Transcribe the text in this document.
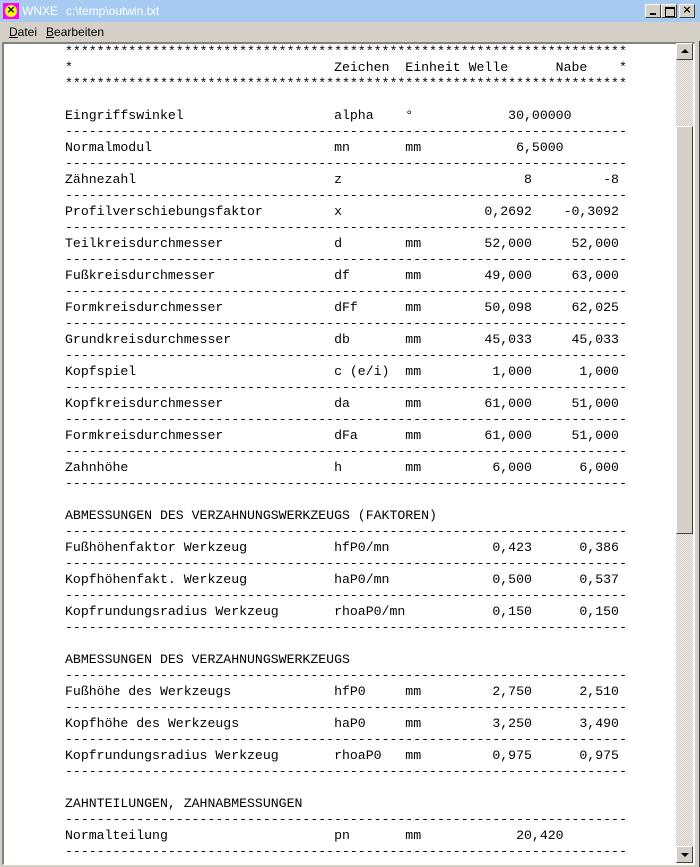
× WNXE c:\temp\outwin.txt	×
Datei Bearbeiten
***********************************************************************
*                                 Zeichen  Einheit Welle      Nabe    *
***********************************************************************

Eingriffswinkel                   alpha    °            30,00000
-----------------------------------------------------------------------
Normalmodul                       mn       mm            6,5000
-----------------------------------------------------------------------
Zähnezahl                         z                       8         -8
-----------------------------------------------------------------------
Profilverschiebungsfaktor         x                  0,2692    -0,3092
-----------------------------------------------------------------------
Teilkreisdurchmesser              d        mm        52,000     52,000
-----------------------------------------------------------------------
Fußkreisdurchmesser               df       mm        49,000     63,000
-----------------------------------------------------------------------
Formkreisdurchmesser              dFf      mm        50,098     62,025
-----------------------------------------------------------------------
Grundkreisdurchmesser             db       mm        45,033     45,033
-----------------------------------------------------------------------
Kopfspiel                         c (e/i)  mm         1,000      1,000
-----------------------------------------------------------------------
Kopfkreisdurchmesser              da       mm        61,000     51,000
-----------------------------------------------------------------------
Formkreisdurchmesser              dFa      mm        61,000     51,000
-----------------------------------------------------------------------
Zahnhöhe                          h        mm         6,000      6,000
-----------------------------------------------------------------------

ABMESSUNGEN DES VERZAHNUNGSWERKZEUGS (FAKTOREN)
-----------------------------------------------------------------------
Fußhöhenfaktor Werkzeug           hfP0/mn             0,423      0,386
-----------------------------------------------------------------------
Kopfhöhenfakt. Werkzeug           haP0/mn             0,500      0,537
-----------------------------------------------------------------------
Kopfrundungsradius Werkzeug       rhoaP0/mn           0,150      0,150
-----------------------------------------------------------------------

ABMESSUNGEN DES VERZAHNUNGSWERKZEUGS
-----------------------------------------------------------------------
Fußhöhe des Werkzeugs             hfP0     mm         2,750      2,510
-----------------------------------------------------------------------
Kopfhöhe des Werkzeugs            haP0     mm         3,250      3,490
-----------------------------------------------------------------------
Kopfrundungsradius Werkzeug       rhoaP0   mm         0,975      0,975
-----------------------------------------------------------------------

ZAHNTEILUNGEN, ZAHNABMESSUNGEN
-----------------------------------------------------------------------
Normalteilung                     pn       mm            20,420
-----------------------------------------------------------------------
